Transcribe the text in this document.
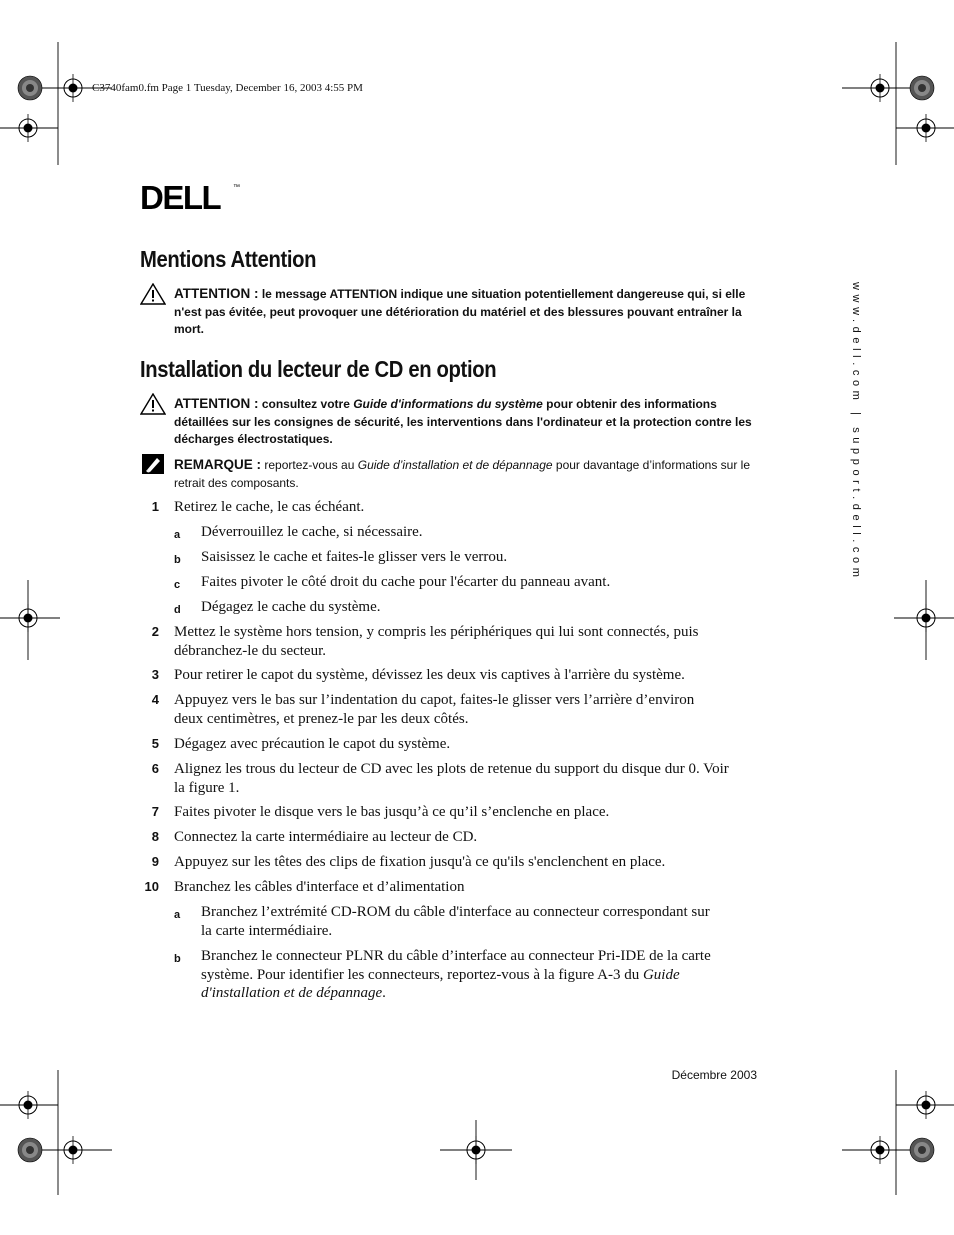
C3740fam0.fm Page 1 Tuesday, December 16, 2003 4:55 PM
DELL ™
Mentions Attention
ATTENTION : le message ATTENTION indique une situation potentiellement dangereuse qui, si elle n'est pas évitée, peut provoquer une détérioration du matériel et des blessures pouvant entraîner la mort.
Installation du lecteur de CD en option
ATTENTION : consultez votre Guide d'informations du système pour obtenir des informations détaillées sur les consignes de sécurité, les interventions dans l'ordinateur et la protection contre les décharges électrostatiques.
REMARQUE : reportez-vous au Guide d’installation et de dépannage pour davantage d’informations sur le retrait des composants.
1 Retirez le cache, le cas échéant.
a Déverrouillez le cache, si nécessaire.
b Saisissez le cache et faites-le glisser vers le verrou.
c Faites pivoter le côté droit du cache pour l'écarter du panneau avant.
d Dégagez le cache du système.
2 Mettez le système hors tension, y compris les périphériques qui lui sont connectés, puis débranchez-le du secteur.
3 Pour retirer le capot du système, dévissez les deux vis captives à l'arrière du système.
4 Appuyez vers le bas sur l’indentation du capot, faites-le glisser vers l’arrière d’environ deux centimètres, et prenez-le par les deux côtés.
5 Dégagez avec précaution le capot du système.
6 Alignez les trous du lecteur de CD avec les plots de retenue du support du disque dur 0. Voir la figure 1.
7 Faites pivoter le disque vers le bas jusqu’à ce qu’il s’enclenche en place.
8 Connectez la carte intermédiaire au lecteur de CD.
9 Appuyez sur les têtes des clips de fixation jusqu'à ce qu'ils s'enclenchent en place.
10 Branchez les câbles d'interface et d’alimentation
a Branchez l’extrémité CD-ROM du câble d'interface au connecteur correspondant sur la carte intermédiaire.
b Branchez le connecteur PLNR du câble d’interface au connecteur Pri-IDE de la carte système. Pour identifier les connecteurs, reportez-vous à la figure A-3 du Guide d'installation et de dépannage.
www.dell.com | support.dell.com
Décembre 2003
